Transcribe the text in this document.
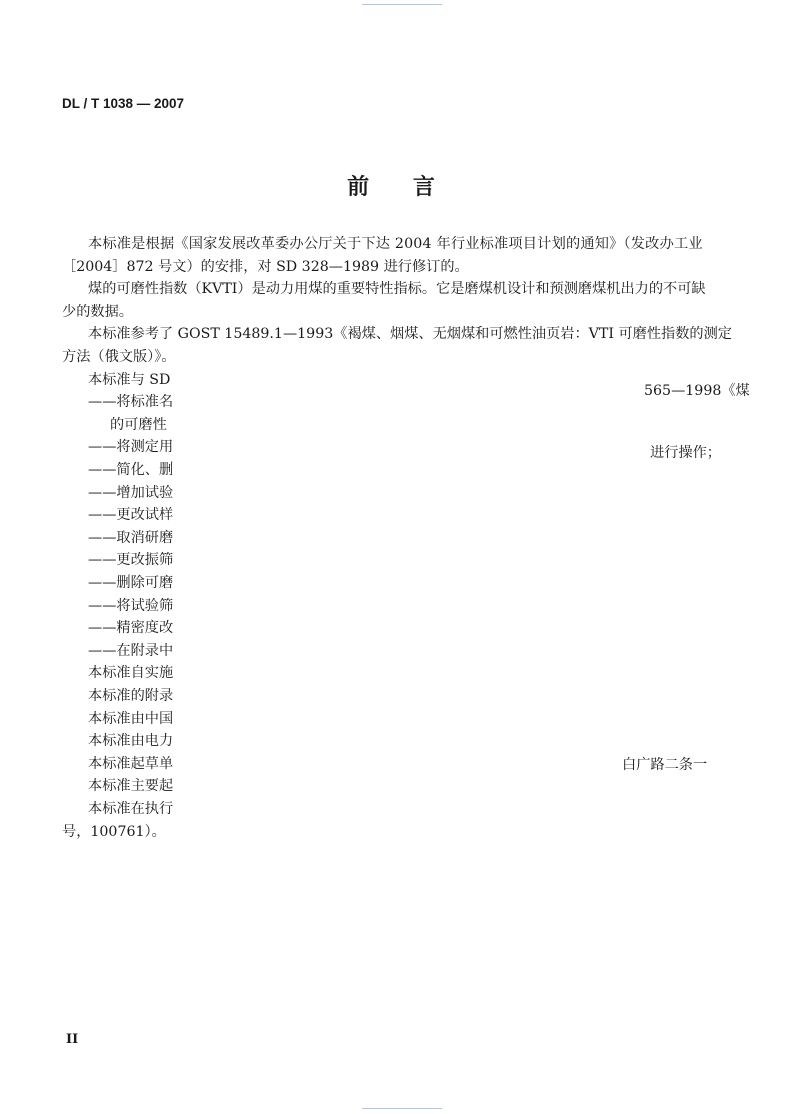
DL / T 1038 — 2007
前 言
本标准是根据《国家发展改革委办公厅关于下达 2004 年行业标准项目计划的通知》（发改办工业
［2004］872 号文）的安排，对 SD 328—1989 进行修订的。
煤的可磨性指数（KVTI）是动力用煤的重要特性指标。它是磨煤机设计和预测磨煤机出力的不可缺
少的数据。
本标准参考了 GOST 15489.1—1993《褐煤、烟煤、无烟煤和可燃性油页岩：VTI 可磨性指数的测定
方法（俄文版）》。
本标准与 SD
——将标准名
的可磨性
——将测定用
——简化、删
——增加试验
——更改试样
——取消研磨
——更改振筛
——删除可磨
——将试验筛
——精密度改
——在附录中
本标准自实施
本标准的附录
本标准由中国
本标准由电力
本标准起草单
本标准主要起
本标准在执行
号，100761）。
565—1998《煤
进行操作；
白广路二条一
II
